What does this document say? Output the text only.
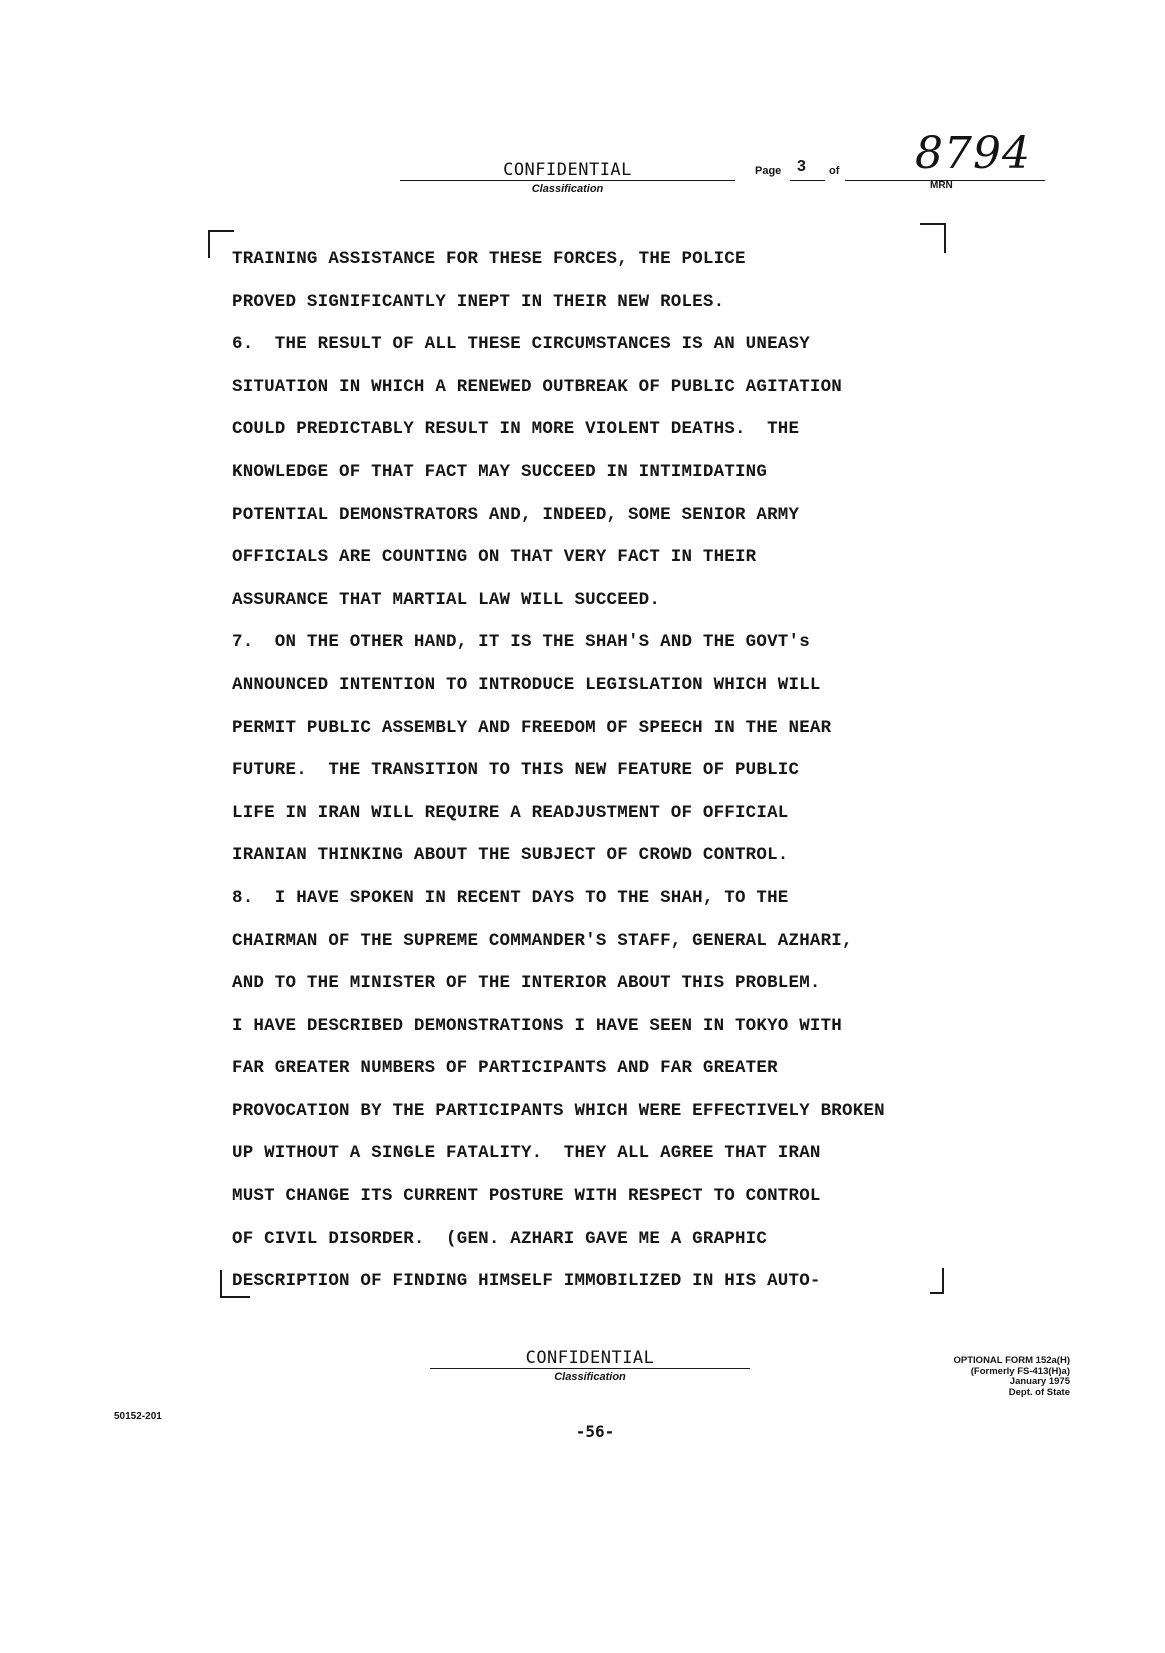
CONFIDENTIAL
Classification
Page 3 of 8794
MRN
TRAINING ASSISTANCE FOR THESE FORCES, THE POLICE
PROVED SIGNIFICANTLY INEPT IN THEIR NEW ROLES.
6.  THE RESULT OF ALL THESE CIRCUMSTANCES IS AN UNEASY
SITUATION IN WHICH A RENEWED OUTBREAK OF PUBLIC AGITATION
COULD PREDICTABLY RESULT IN MORE VIOLENT DEATHS.  THE
KNOWLEDGE OF THAT FACT MAY SUCCEED IN INTIMIDATING
POTENTIAL DEMONSTRATORS AND, INDEED, SOME SENIOR ARMY
OFFICIALS ARE COUNTING ON THAT VERY FACT IN THEIR
ASSURANCE THAT MARTIAL LAW WILL SUCCEED.
7.  ON THE OTHER HAND, IT IS THE SHAH'S AND THE GOVT's
ANNOUNCED INTENTION TO INTRODUCE LEGISLATION WHICH WILL
PERMIT PUBLIC ASSEMBLY AND FREEDOM OF SPEECH IN THE NEAR
FUTURE.  THE TRANSITION TO THIS NEW FEATURE OF PUBLIC
LIFE IN IRAN WILL REQUIRE A READJUSTMENT OF OFFICIAL
IRANIAN THINKING ABOUT THE SUBJECT OF CROWD CONTROL.
8.  I HAVE SPOKEN IN RECENT DAYS TO THE SHAH, TO THE
CHAIRMAN OF THE SUPREME COMMANDER'S STAFF, GENERAL AZHARI,
AND TO THE MINISTER OF THE INTERIOR ABOUT THIS PROBLEM.
I HAVE DESCRIBED DEMONSTRATIONS I HAVE SEEN IN TOKYO WITH
FAR GREATER NUMBERS OF PARTICIPANTS AND FAR GREATER
PROVOCATION BY THE PARTICIPANTS WHICH WERE EFFECTIVELY BROKEN
UP WITHOUT A SINGLE FATALITY.  THEY ALL AGREE THAT IRAN
MUST CHANGE ITS CURRENT POSTURE WITH RESPECT TO CONTROL
OF CIVIL DISORDER.  (GEN. AZHARI GAVE ME A GRAPHIC
DESCRIPTION OF FINDING HIMSELF IMMOBILIZED IN HIS AUTO-
CONFIDENTIAL
Classification
OPTIONAL FORM 152a(H)
(Formerly FS-413(H)a)
January 1975
Dept. of State
50152-201
-56-
